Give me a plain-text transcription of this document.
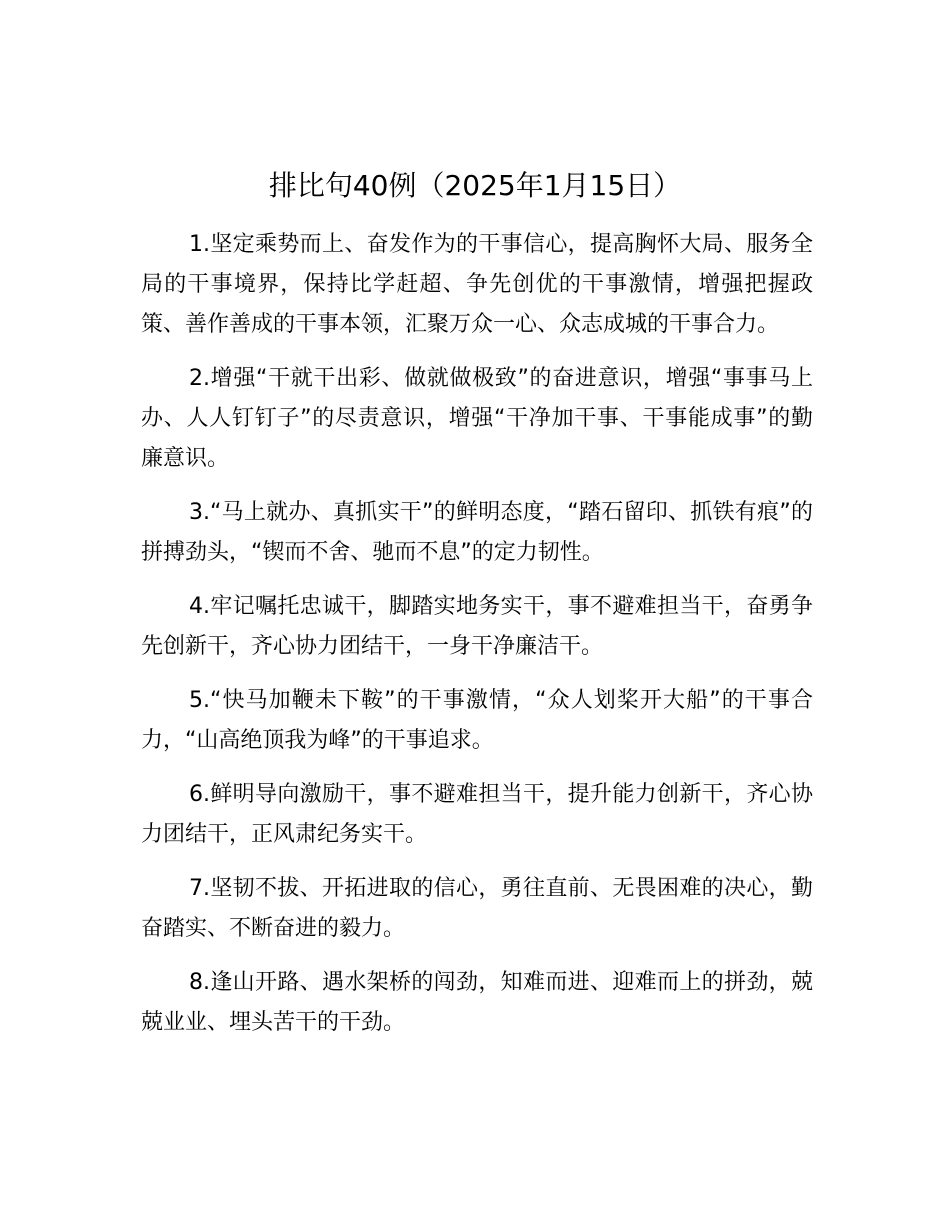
排比句40例（2025年1月15日）

1.坚定乘势而上、奋发作为的干事信心，提高胸怀大局、服务全局的干事境界，保持比学赶超、争先创优的干事激情，增强把握政策、善作善成的干事本领，汇聚万众一心、众志成城的干事合力。

2.增强“干就干出彩、做就做极致”的奋进意识，增强“事事马上办、人人钉钉子”的尽责意识，增强“干净加干事、干事能成事”的勤廉意识。

3.“马上就办、真抓实干”的鲜明态度，“踏石留印、抓铁有痕”的拼搏劲头，“锲而不舍、驰而不息”的定力韧性。

4.牢记嘱托忠诚干，脚踏实地务实干，事不避难担当干，奋勇争先创新干，齐心协力团结干，一身干净廉洁干。

5.“快马加鞭未下鞍”的干事激情，“众人划桨开大船”的干事合力，“山高绝顶我为峰”的干事追求。

6.鲜明导向激励干，事不避难担当干，提升能力创新干，齐心协力团结干，正风肃纪务实干。

7.坚韧不拔、开拓进取的信心，勇往直前、无畏困难的决心，勤奋踏实、不断奋进的毅力。

8.逢山开路、遇水架桥的闯劲，知难而进、迎难而上的拼劲，兢兢业业、埋头苦干的干劲。
